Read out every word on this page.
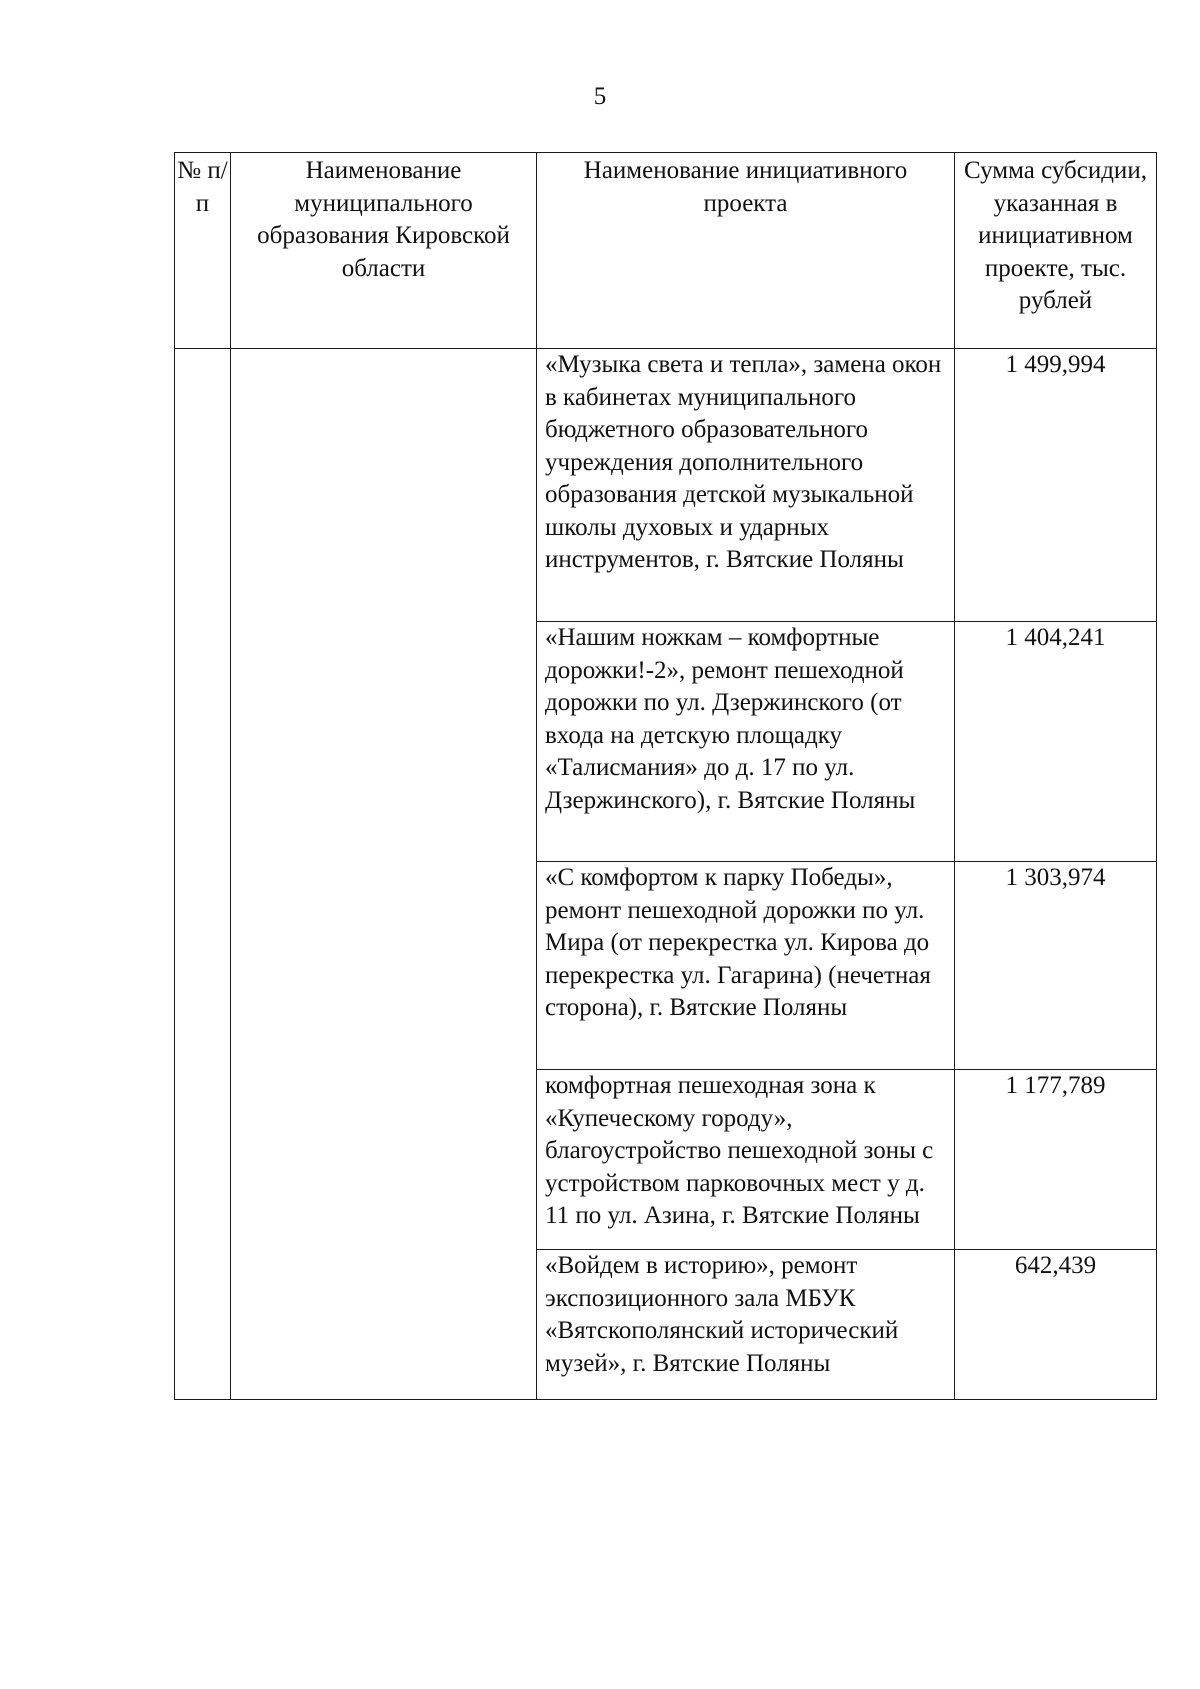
5
№ п/п	Наименование муниципального образования Кировской области	Наименование инициативного проекта	Сумма субсидии, указанная в инициативном проекте, тыс. рублей
		«Музыка света и тепла», замена окон в кабинетах муниципального бюджетного образовательного учреждения дополнительного образования детской музыкальной школы духовых и ударных инструментов, г. Вятские Поляны	1 499,994
		«Нашим ножкам – комфортные дорожки!-2», ремонт пешеходной дорожки по ул. Дзержинского (от входа на детскую площадку «Талисмания» до д. 17 по ул. Дзержинского), г. Вятские Поляны	1 404,241
		«С комфортом к парку Победы», ремонт пешеходной дорожки по ул. Мира (от перекрестка ул. Кирова до перекрестка ул. Гагарина) (нечетная сторона), г. Вятские Поляны	1 303,974
		комфортная пешеходная зона к «Купеческому городу», благоустройство пешеходной зоны с устройством парковочных мест у д. 11 по ул. Азина, г. Вятские Поляны	1 177,789
		«Войдем в историю», ремонт экспозиционного зала МБУК «Вятскополянский исторический музей», г. Вятские Поляны	642,439
